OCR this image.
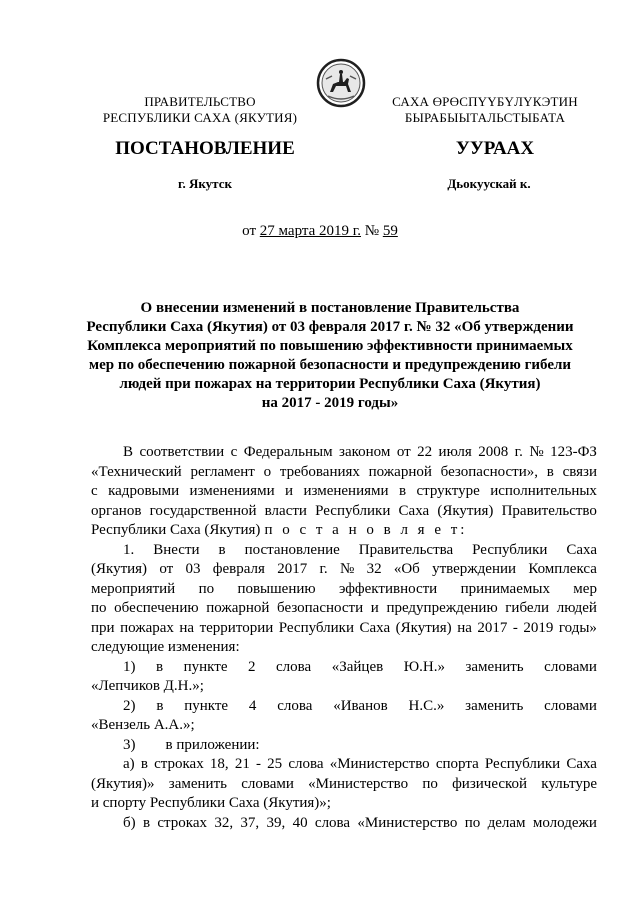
ПРАВИТЕЛЬСТВО
РЕСПУБЛИКИ САХА (ЯКУТИЯ)
САХА ӨРӨСПҮҮБҮЛҮКЭТИН
БЫРАБЫЫТАЛЬСТЫБАТА
ПОСТАНОВЛЕНИЕ	УУРААХ
г. Якутск	Дьокуускай к.
от 27 марта 2019 г. № 59
О внесении изменений в постановление Правительства
Республики Саха (Якутия) от 03 февраля 2017 г. № 32 «Об утверждении
Комплекса мероприятий по повышению эффективности принимаемых
мер по обеспечению пожарной безопасности и предупреждению гибели
людей при пожарах на территории Республики Саха (Якутия)
на 2017 - 2019 годы»
В соответствии с Федеральным законом от 22 июля 2008 г. № 123-ФЗ
«Технический регламент о требованиях пожарной безопасности», в связи
с кадровыми изменениями и изменениями в структуре исполнительных
органов государственной власти Республики Саха (Якутия) Правительство
Республики Саха (Якутия) п о с т а н о в л я е т:
1. Внести в постановление Правительства Республики Саха
(Якутия) от 03 февраля 2017 г. № 32 «Об утверждении Комплекса
мероприятий по повышению эффективности принимаемых мер
по обеспечению пожарной безопасности и предупреждению гибели людей
при пожарах на территории Республики Саха (Якутия) на 2017 - 2019 годы»
следующие изменения:
1) в пункте 2 слова «Зайцев Ю.Н.» заменить словами
«Лепчиков Д.Н.»;
2) в пункте 4 слова «Иванов Н.С.» заменить словами
«Вензель А.А.»;
3) в приложении:
а) в строках 18, 21 - 25 слова «Министерство спорта Республики Саха
(Якутия)» заменить словами «Министерство по физической культуре
и спорту Республики Саха (Якутия)»;
б) в строках 32, 37, 39, 40 слова «Министерство по делам молодежи
